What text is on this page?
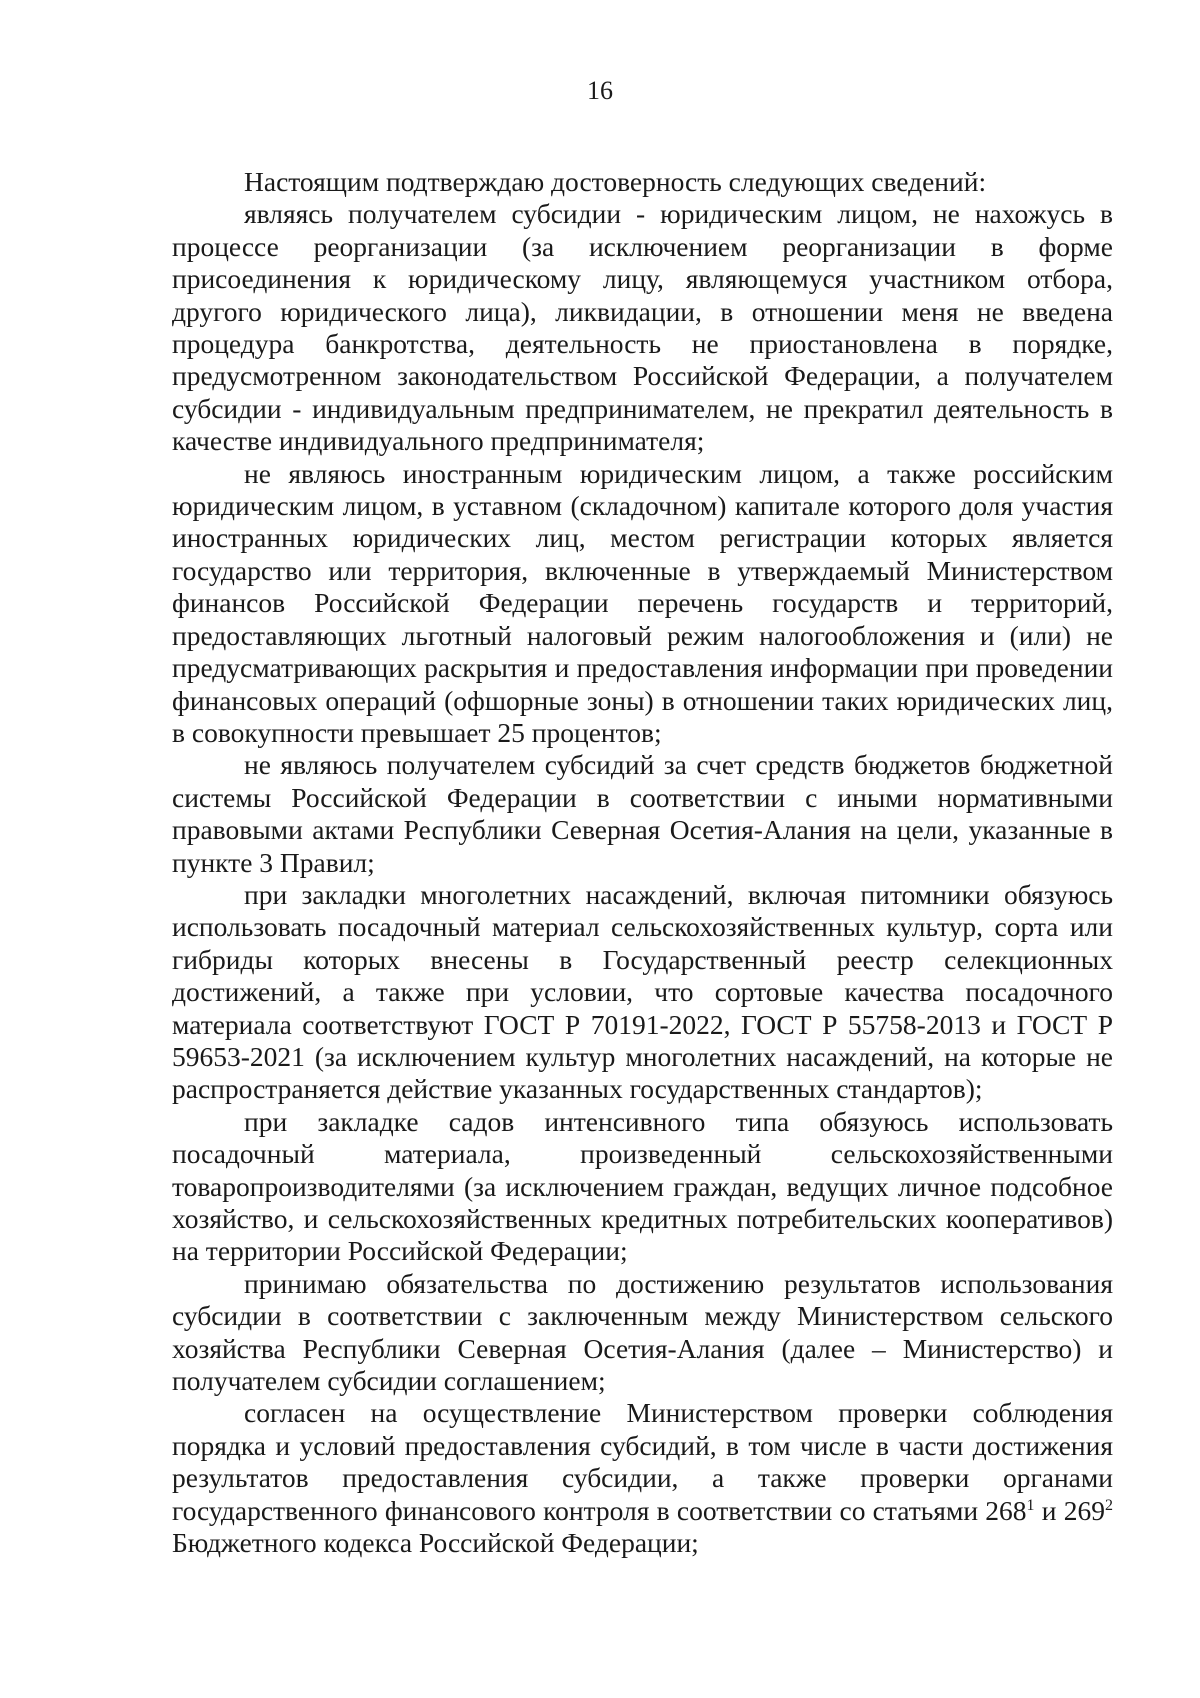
16

Настоящим подтверждаю достоверность следующих сведений:

являясь получателем субсидии - юридическим лицом, не нахожусь в процессе реорганизации (за исключением реорганизации в форме присоединения к юридическому лицу, являющемуся участником отбора, другого юридического лица), ликвидации, в отношении меня не введена процедура банкротства, деятельность не приостановлена в порядке, предусмотренном законодательством Российской Федерации, а получателем субсидии - индивидуальным предпринимателем, не прекратил деятельность в качестве индивидуального предпринимателя;

не являюсь иностранным юридическим лицом, а также российским юридическим лицом, в уставном (складочном) капитале которого доля участия иностранных юридических лиц, местом регистрации которых является государство или территория, включенные в утверждаемый Министерством финансов Российской Федерации перечень государств и территорий, предоставляющих льготный налоговый режим налогообложения и (или) не предусматривающих раскрытия и предоставления информации при проведении финансовых операций (офшорные зоны) в отношении таких юридических лиц, в совокупности превышает 25 процентов;

не являюсь получателем субсидий за счет средств бюджетов бюджетной системы Российской Федерации в соответствии с иными нормативными правовыми актами Республики Северная Осетия-Алания на цели, указанные в пункте 3 Правил;

при закладки многолетних насаждений, включая питомники обязуюсь использовать посадочный материал сельскохозяйственных культур, сорта или гибриды которых внесены в Государственный реестр селекционных достижений, а также при условии, что сортовые качества посадочного материала соответствуют ГОСТ Р 70191-2022, ГОСТ Р 55758-2013 и ГОСТ Р 59653-2021 (за исключением культур многолетних насаждений, на которые не распространяется действие указанных государственных стандартов);

при закладке садов интенсивного типа обязуюсь использовать посадочный материала, произведенный сельскохозяйственными товаропроизводителями (за исключением граждан, ведущих личное подсобное хозяйство, и сельскохозяйственных кредитных потребительских кооперативов) на территории Российской Федерации;

принимаю обязательства по достижению результатов использования субсидии в соответствии с заключенным между Министерством сельского хозяйства Республики Северная Осетия-Алания (далее – Министерство) и получателем субсидии соглашением;

согласен на осуществление Министерством проверки соблюдения порядка и условий предоставления субсидий, в том числе в части достижения результатов предоставления субсидии, а также проверки органами государственного финансового контроля в соответствии со статьями $268^1$ и $269^2$ Бюджетного кодекса Российской Федерации;
